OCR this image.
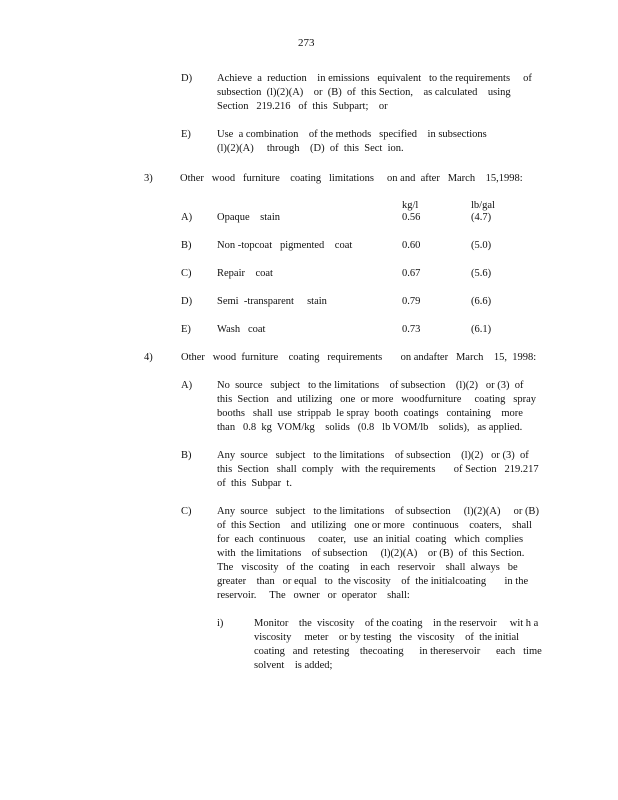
273
D) Achieve  a  reduction    in emissions   equivalent   to the requirements     of
subsection  (l)(2)(A)    or  (B)  of  this Section,    as calculated    using
Section   219.216   of  this  Subpart;    or
E) Use  a combination    of the methods   specified    in subsections
(l)(2)(A)     through    (D)  of  this  Sect  ion.
3)	Other   wood   furniture    coating   limitations     on and  after   March    15,1998:
kg/l	lb/gal
A) Opaque    stain	0.56	(4.7)
B) Non -topcoat   pigmented    coat	0.60	(5.0)
C) Repair    coat	0.67	(5.6)
D) Semi  -transparent     stain	0.79	(6.6)
E) Wash   coat	0.73	(6.1)
4)	Other   wood  furniture    coating   requirements       on andafter   March    15,  1998:
A) No  source   subject   to the limitations    of subsection    (l)(2)   or (3)  of
this  Section   and  utilizing   one  or more   woodfurniture     coating   spray
booths   shall  use  strippab  le spray  booth  coatings   containing    more
than   0.8  kg  VOM/kg    solids   (0.8   lb VOM/lb    solids),   as applied.
B) Any  source   subject   to the limitations    of subsection    (l)(2)   or (3)  of
this  Section   shall  comply   with  the requirements       of Section   219.217
of  this  Subpar  t.
C) Any  source   subject   to the limitations    of subsection     (l)(2)(A)     or (B)
of  this Section    and  utilizing   one or more   continuous    coaters,    shall
for  each  continuous     coater,   use  an initial  coating   which  complies
with  the limitations    of subsection     (l)(2)(A)    or (B)  of  this Section.
The   viscosity   of  the  coating    in each   reservoir    shall  always   be
greater    than   or equal   to  the viscosity    of  the initialcoating       in the
reservoir.     The   owner   or  operator    shall:
i)	Monitor    the  viscosity    of the coating    in the reservoir     wit h a
viscosity     meter    or by testing   the  viscosity    of  the initial
coating   and  retesting    thecoating      in thereservoir      each   time
solvent    is added;
